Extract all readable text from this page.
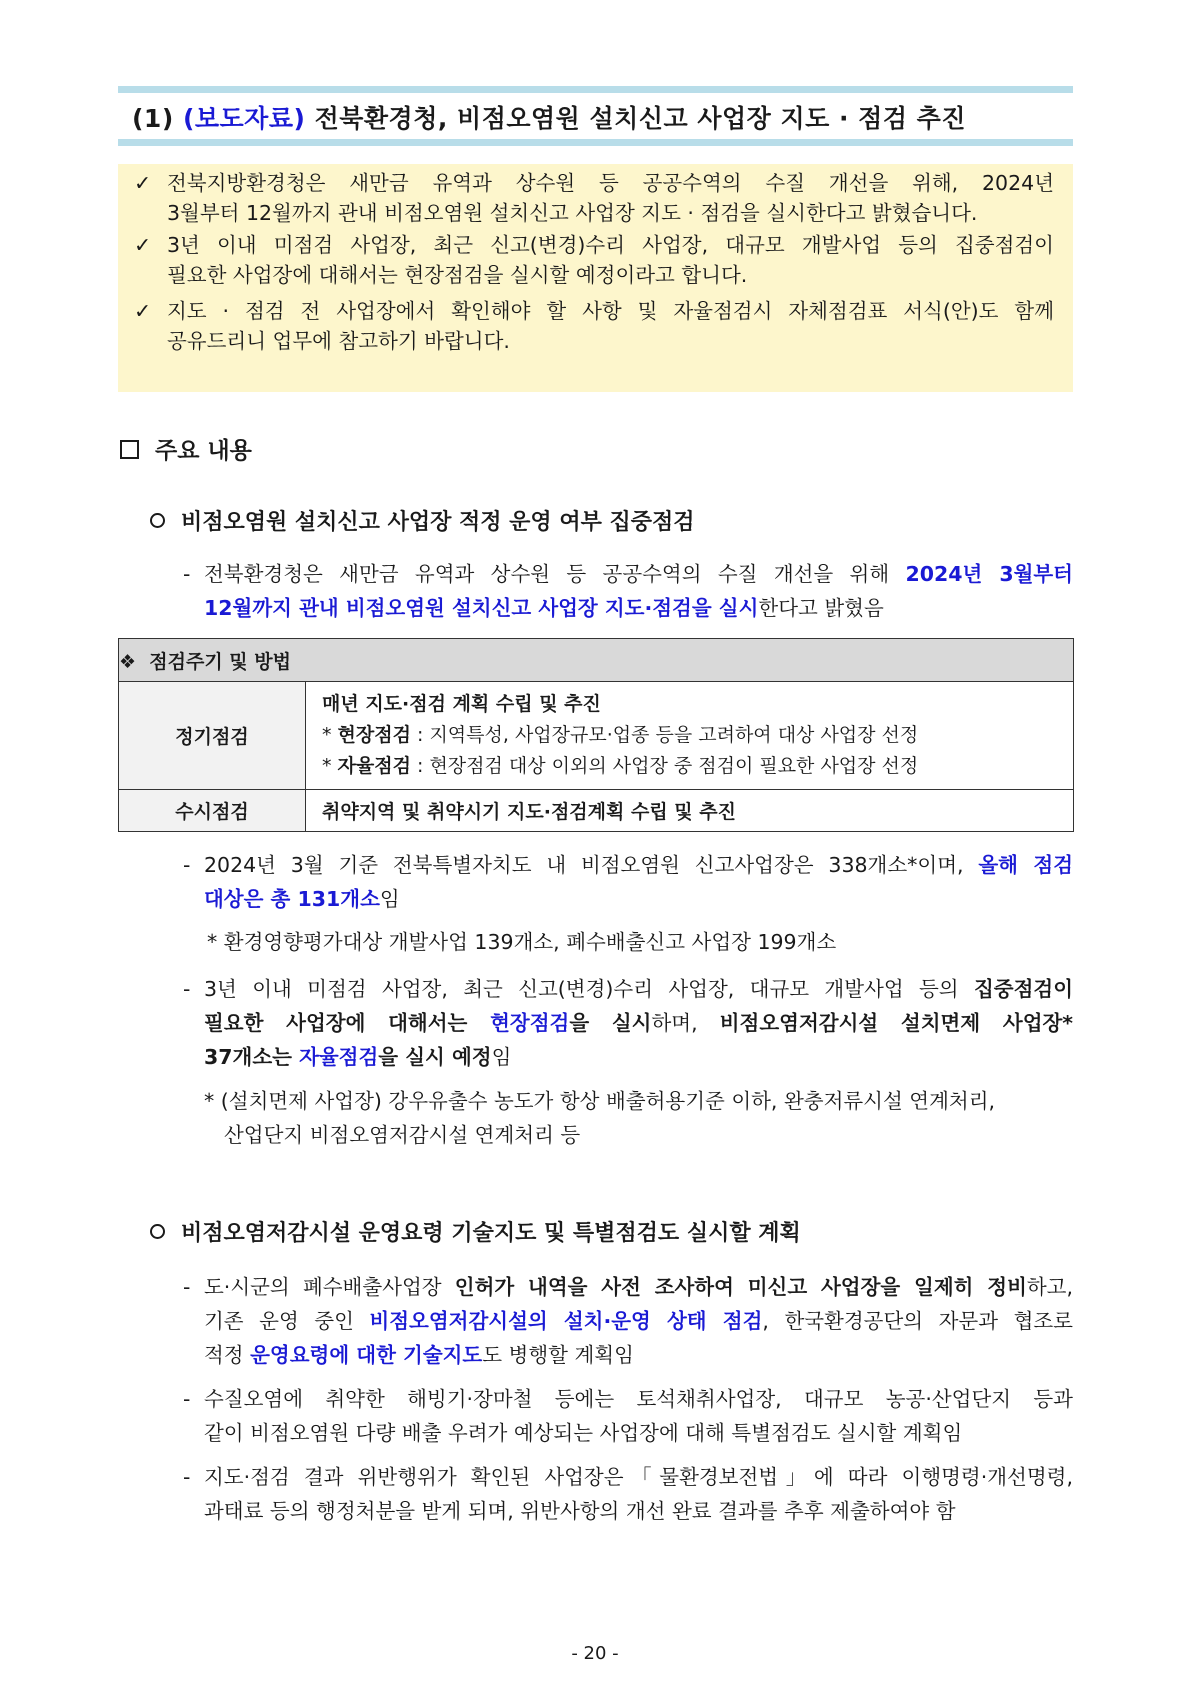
(1) (보도자료) 전북환경청, 비점오염원 설치신고 사업장 지도 · 점검 추진
✓ 전북지방환경청은 새만금 유역과 상수원 등 공공수역의 수질 개선을 위해, 2024년
3월부터 12월까지 관내 비점오염원 설치신고 사업장 지도 · 점검을 실시한다고 밝혔습니다.
✓ 3년 이내 미점검 사업장, 최근 신고(변경)수리 사업장, 대규모 개발사업 등의 집중점검이
필요한 사업장에 대해서는 현장점검을 실시할 예정이라고 합니다.
✓ 지도 · 점검 전 사업장에서 확인해야 할 사항 및 자율점검시 자체점검표 서식(안)도 함께
공유드리니 업무에 참고하기 바랍니다.
주요 내용
비점오염원 설치신고 사업장 적정 운영 여부 집중점검
- 전북환경청은 새만금 유역과 상수원 등 공공수역의 수질 개선을 위해 2024년 3월부터
12월까지 관내 비점오염원 설치신고 사업장 지도·점검을 실시한다고 밝혔음
❖  점검주기 및 방법	
정기점검	매년 지도·점검 계획 수립 및 추진
* 현장점검 : 지역특성, 사업장규모·업종 등을 고려하여 대상 사업장 선정
* 자율점검 : 현장점검 대상 이외의 사업장 중 점검이 필요한 사업장 선정

수시점검	취약지역 및 취약시기 지도·점검계획 수립 및 추진
- 2024년 3월 기준 전북특별자치도 내 비점오염원 신고사업장은 338개소*이며, 올해 점검
대상은 총 131개소임
* 환경영향평가대상 개발사업 139개소, 폐수배출신고 사업장 199개소
- 3년 이내 미점검 사업장, 최근 신고(변경)수리 사업장, 대규모 개발사업 등의 집중점검이
필요한 사업장에 대해서는 현장점검을 실시하며, 비점오염저감시설 설치면제 사업장*
37개소는 자율점검을 실시 예정임
* (설치면제 사업장) 강우유출수 농도가 항상 배출허용기준 이하, 완충저류시설 연계처리,
산업단지 비점오염저감시설 연계처리 등
비점오염저감시설 운영요령 기술지도 및 특별점검도 실시할 계획
- 도·시군의 폐수배출사업장 인허가 내역을 사전 조사하여 미신고 사업장을 일제히 정비하고,
기존 운영 중인 비점오염저감시설의 설치·운영 상태 점검, 한국환경공단의 자문과 협조로
적정 운영요령에 대한 기술지도도 병행할 계획임
- 수질오염에 취약한 해빙기·장마철 등에는 토석채취사업장, 대규모 농공·산업단지 등과
같이 비점오염원 다량 배출 우려가 예상되는 사업장에 대해 특별점검도 실시할 계획임
- 지도·점검 결과 위반행위가 확인된 사업장은「물환경보전법」에 따라 이행명령·개선명령,
과태료 등의 행정처분을 받게 되며, 위반사항의 개선 완료 결과를 추후 제출하여야 함
- 20 -
